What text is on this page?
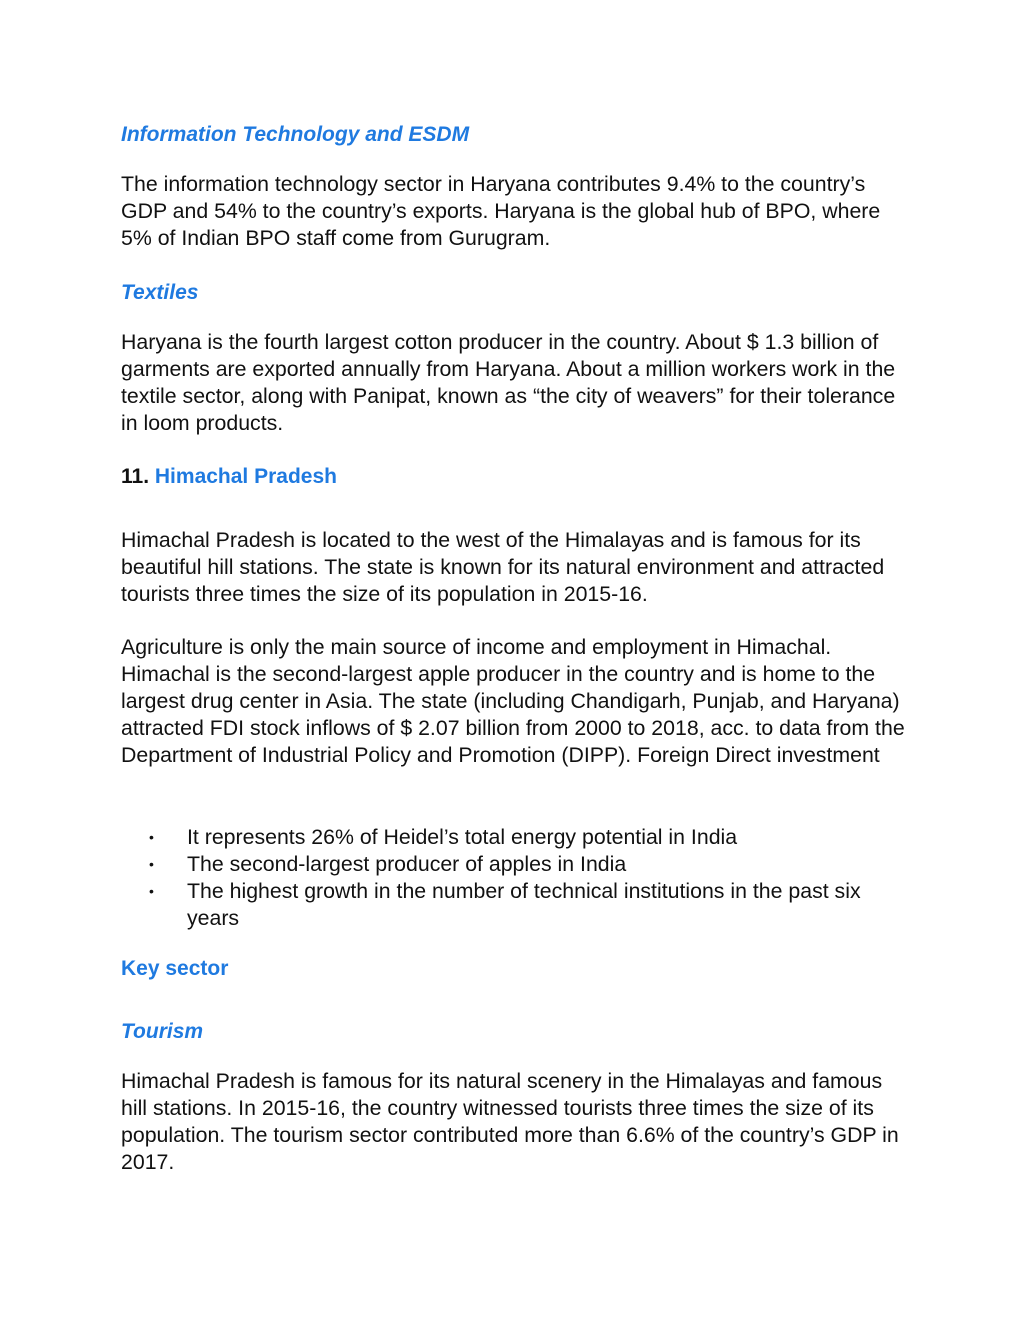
Information Technology and ESDM

The information technology sector in Haryana contributes 9.4% to the country’s GDP and 54% to the country’s exports. Haryana is the global hub of BPO, where 5% of Indian BPO staff come from Gurugram.

Textiles

Haryana is the fourth largest cotton producer in the country. About $ 1.3 billion of garments are exported annually from Haryana. About a million workers work in the textile sector, along with Panipat, known as “the city of weavers” for their tolerance in loom products.

11. Himachal Pradesh

Himachal Pradesh is located to the west of the Himalayas and is famous for its beautiful hill stations. The state is known for its natural environment and attracted tourists three times the size of its population in 2015-16.

Agriculture is only the main source of income and employment in Himachal. Himachal is the second-largest apple producer in the country and is home to the largest drug center in Asia. The state (including Chandigarh, Punjab, and Haryana) attracted FDI stock inflows of $ 2.07 billion from 2000 to 2018, acc. to data from the Department of Industrial Policy and Promotion (DIPP). Foreign Direct investment

• It represents 26% of Heidel’s total energy potential in India
• The second-largest producer of apples in India
• The highest growth in the number of technical institutions in the past six years
Key sector
Tourism

Himachal Pradesh is famous for its natural scenery in the Himalayas and famous hill stations. In 2015-16, the country witnessed tourists three times the size of its population. The tourism sector contributed more than 6.6% of the country’s GDP in 2017.
